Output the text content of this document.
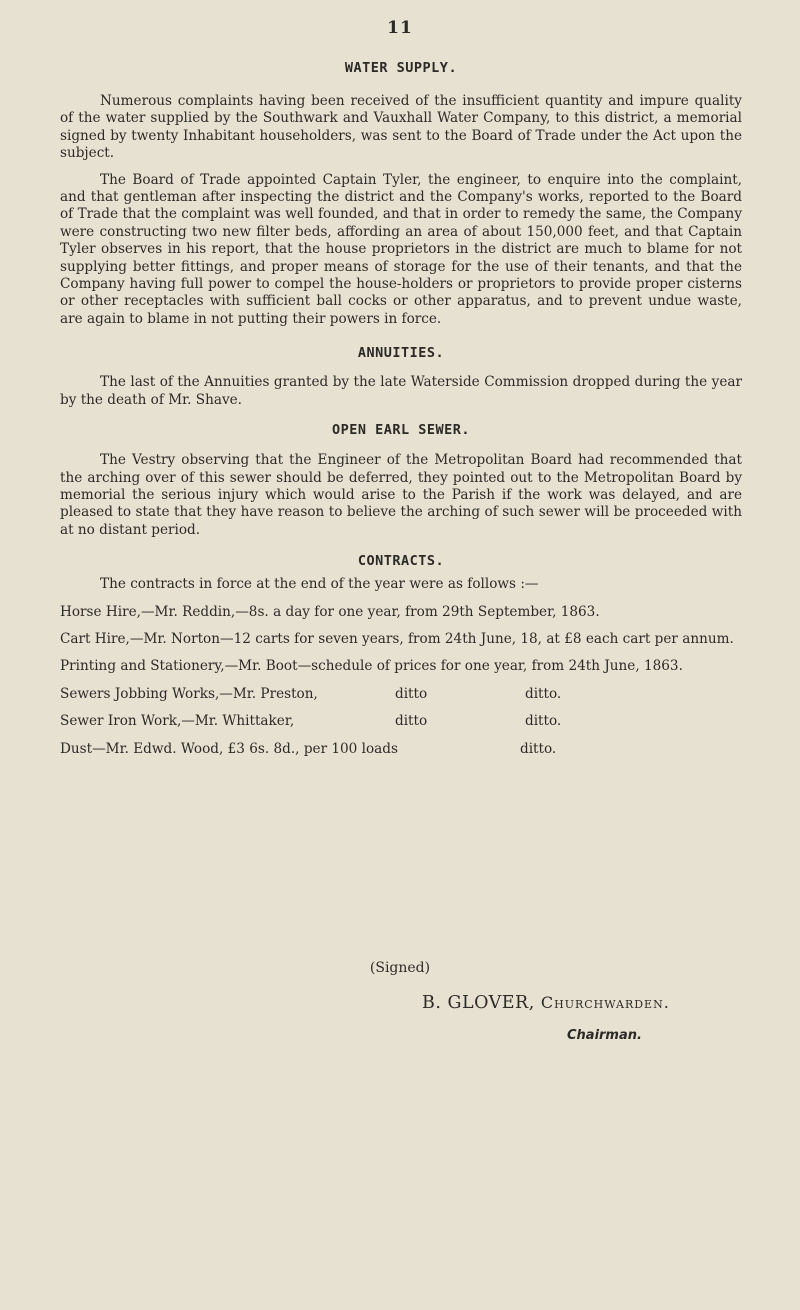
11
WATER SUPPLY.

Numerous complaints having been received of the insufficient quantity and impure quality of the water supplied by the Southwark and Vauxhall Water Company, to this district, a memorial signed by twenty Inhabitant householders, was sent to the Board of Trade under the Act upon the subject.

The Board of Trade appointed Captain Tyler, the engineer, to enquire into the complaint, and that gentleman after inspecting the district and the Company's works, reported to the Board of Trade that the complaint was well founded, and that in order to remedy the same, the Company were constructing two new filter beds, affording an area of about 150,000 feet, and that Captain Tyler observes in his report, that the house proprietors in the district are much to blame for not supplying better fittings, and proper means of storage for the use of their tenants, and that the Company having full power to compel the house-holders or proprietors to provide proper cisterns or other receptacles with sufficient ball cocks or other apparatus, and to prevent undue waste, are again to blame in not putting their powers in force.

ANNUITIES.

The last of the Annuities granted by the late Waterside Commission dropped during the year by the death of Mr. Shave.

OPEN EARL SEWER.

The Vestry observing that the Engineer of the Metropolitan Board had recommended that the arching over of this sewer should be deferred, they pointed out to the Metropolitan Board by memorial the serious injury which would arise to the Parish if the work was delayed, and are pleased to state that they have reason to believe the arching of such sewer will be proceeded with at no distant period.

CONTRACTS.

The contracts in force at the end of the year were as follows :—

Horse Hire,—Mr. Reddin,—8s. a day for one year, from 29th September, 1863.

Cart Hire,—Mr. Norton—12 carts for seven years, from 24th June, 18, at £8 each cart per annum.

Printing and Stationery,—Mr. Boot—schedule of prices for one year, from 24th June, 1863.

Sewers Jobbing Works,—Mr. Preston,	ditto	ditto.
Sewer Iron Work,—Mr. Whittaker,	ditto	ditto.
Dust—Mr. Edwd. Wood, £3 6s. 8d., per 100 loads	ditto.
(Signed)
B. GLOVER, Churchwarden.
Chairman.
